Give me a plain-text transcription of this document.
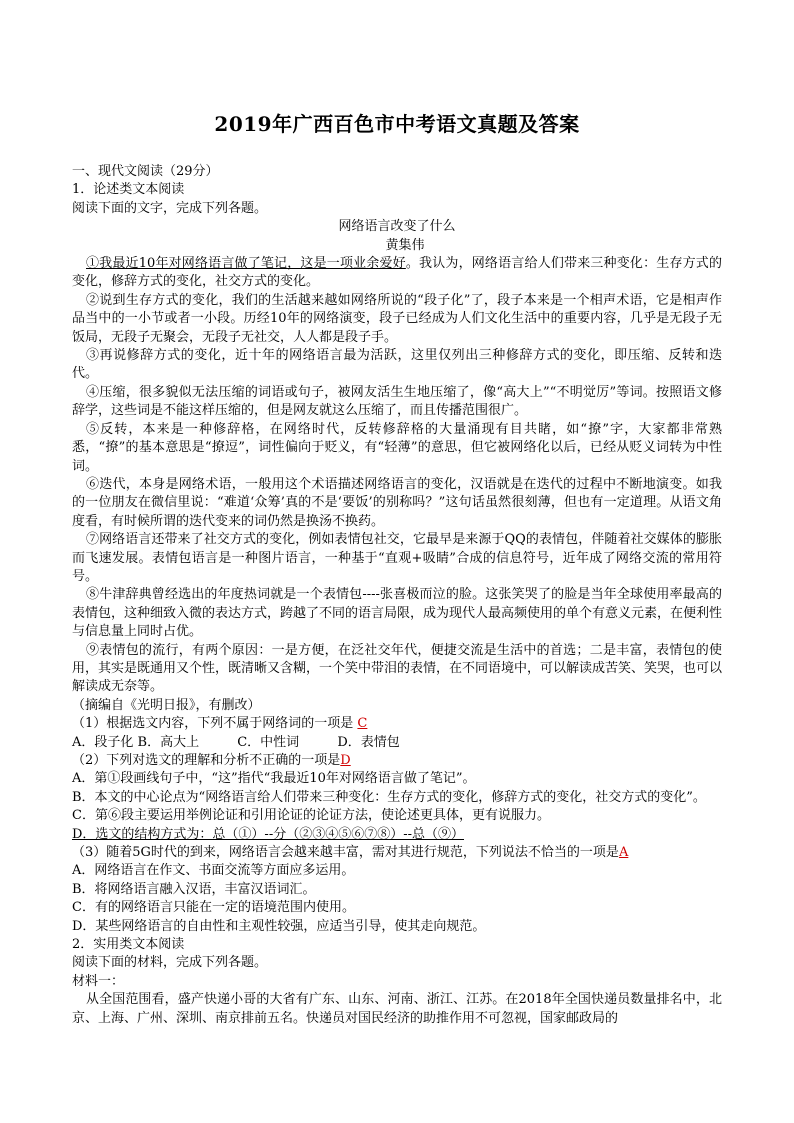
2019年广西百色市中考语文真题及答案
一、现代文阅读（29分）
1．论述类文本阅读
阅读下面的文字，完成下列各题。
网络语言改变了什么
黄集伟
①我最近10年对网络语言做了笔记，这是一项业余爱好。我认为，网络语言给人们带来三种变化：生存方式的变化，修辞方式的变化，社交方式的变化。
②说到生存方式的变化，我们的生活越来越如网络所说的“段子化”了，段子本来是一个相声术语，它是相声作品当中的一小节或者一小段。历经10年的网络演变，段子已经成为人们文化生活中的重要内容，几乎是无段子无饭局，无段子无聚会，无段子无社交，人人都是段子手。
③再说修辞方式的变化，近十年的网络语言最为活跃，这里仅列出三种修辞方式的变化，即压缩、反转和迭代。
④压缩，很多貌似无法压缩的词语或句子，被网友活生生地压缩了，像“高大上”“不明觉厉”等词。按照语文修辞学，这些词是不能这样压缩的，但是网友就这么压缩了，而且传播范围很广。
⑤反转，本来是一种修辞格，在网络时代，反转修辞格的大量涌现有目共睹，如“撩”字，大家都非常熟悉，“撩”的基本意思是“撩逗”，词性偏向于贬义，有“轻薄”的意思，但它被网络化以后，已经从贬义词转为中性词。
⑥迭代，本身是网络术语，一般用这个术语描述网络语言的变化，汉语就是在迭代的过程中不断地演变。如我的一位朋友在微信里说：“难道‘众筹’真的不是‘要饭’的别称吗？”这句话虽然很刻薄，但也有一定道理。从语文角度看，有时候所谓的迭代变来的词仍然是换汤不换药。
⑦网络语言还带来了社交方式的变化，例如表情包社交，它最早是来源于QQ的表情包，伴随着社交媒体的膨胀而飞速发展。表情包语言是一种图片语言，一种基于“直观+吸睛”合成的信息符号，近年成了网络交流的常用符号。
⑧牛津辞典曾经选出的年度热词就是一个表情包----张喜极而泣的脸。这张笑哭了的脸是当年全球使用率最高的表情包，这种细致入微的表达方式，跨越了不同的语言局限，成为现代人最高频使用的单个有意义元素，在便利性与信息量上同时占优。
⑨表情包的流行，有两个原因：一是方便，在泛社交年代，便捷交流是生活中的首选；二是丰富，表情包的使用，其实是既通用又个性，既清晰又含糊，一个笑中带泪的表情，在不同语境中，可以解读成苦笑、笑哭，也可以解读成无奈等。
（摘编自《光明日报》，有删改）
（1）根据选文内容，下列不属于网络词的一项是 C
A．段子化 B．高大上	C．中性词	D．表情包
（2）下列对选文的理解和分析不正确的一项是D
A．第①段画线句子中，“这”指代“我最近10年对网络语言做了笔记”。
B．本文的中心论点为“网络语言给人们带来三种变化：生存方式的变化，修辞方式的变化，社交方式的变化”。
C．第⑥段主要运用举例论证和引用论证的论证方法，使论述更具体，更有说服力。
D．选文的结构方式为：总（①）--分（②③④⑤⑥⑦⑧）--总（⑨）
（3）随着5G时代的到来，网络语言会越来越丰富，需对其进行规范，下列说法不恰当的一项是A
A．网络语言在作文、书面交流等方面应多运用。
B．将网络语言融入汉语，丰富汉语词汇。
C．有的网络语言只能在一定的语境范围内使用。
D．某些网络语言的自由性和主观性较强，应适当引导，使其走向规范。
2．实用类文本阅读
阅读下面的材料，完成下列各题。
材料一：
从全国范围看，盛产快递小哥的大省有广东、山东、河南、浙江、江苏。在2018年全国快递员数量排名中，北京、上海、广州、深圳、南京排前五名。快递员对国民经济的助推作用不可忽视，国家邮政局的
